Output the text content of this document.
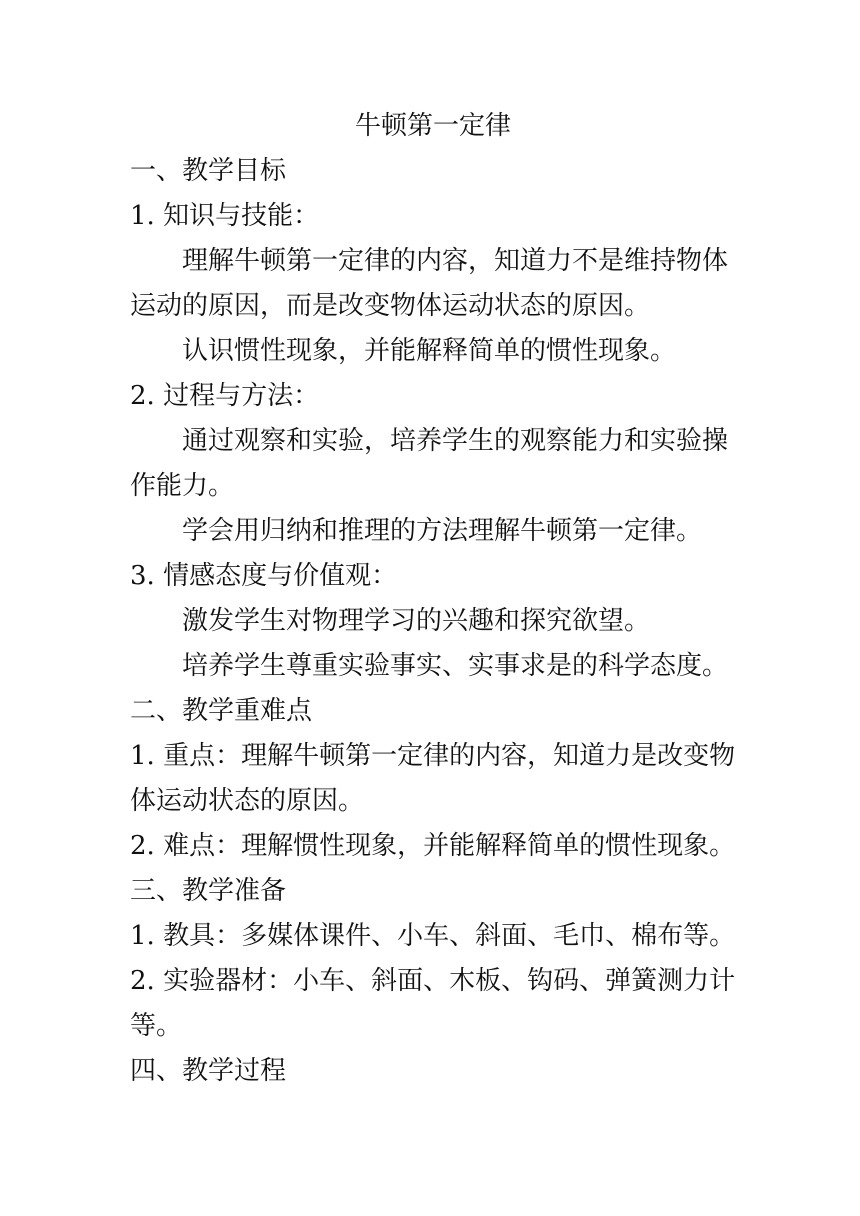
牛顿第一定律

一、教学目标

1. 知识与技能：

理解牛顿第一定律的内容，知道力不是维持物体

运动的原因，而是改变物体运动状态的原因。

认识惯性现象，并能解释简单的惯性现象。

2. 过程与方法：

通过观察和实验，培养学生的观察能力和实验操

作能力。

学会用归纳和推理的方法理解牛顿第一定律。

3. 情感态度与价值观：

激发学生对物理学习的兴趣和探究欲望。

培养学生尊重实验事实、实事求是的科学态度。

二、教学重难点

1. 重点：理解牛顿第一定律的内容，知道力是改变物

体运动状态的原因。

2. 难点：理解惯性现象，并能解释简单的惯性现象。

三、教学准备

1. 教具：多媒体课件、小车、斜面、毛巾、棉布等。

2. 实验器材：小车、斜面、木板、钩码、弹簧测力计

等。

四、教学过程
